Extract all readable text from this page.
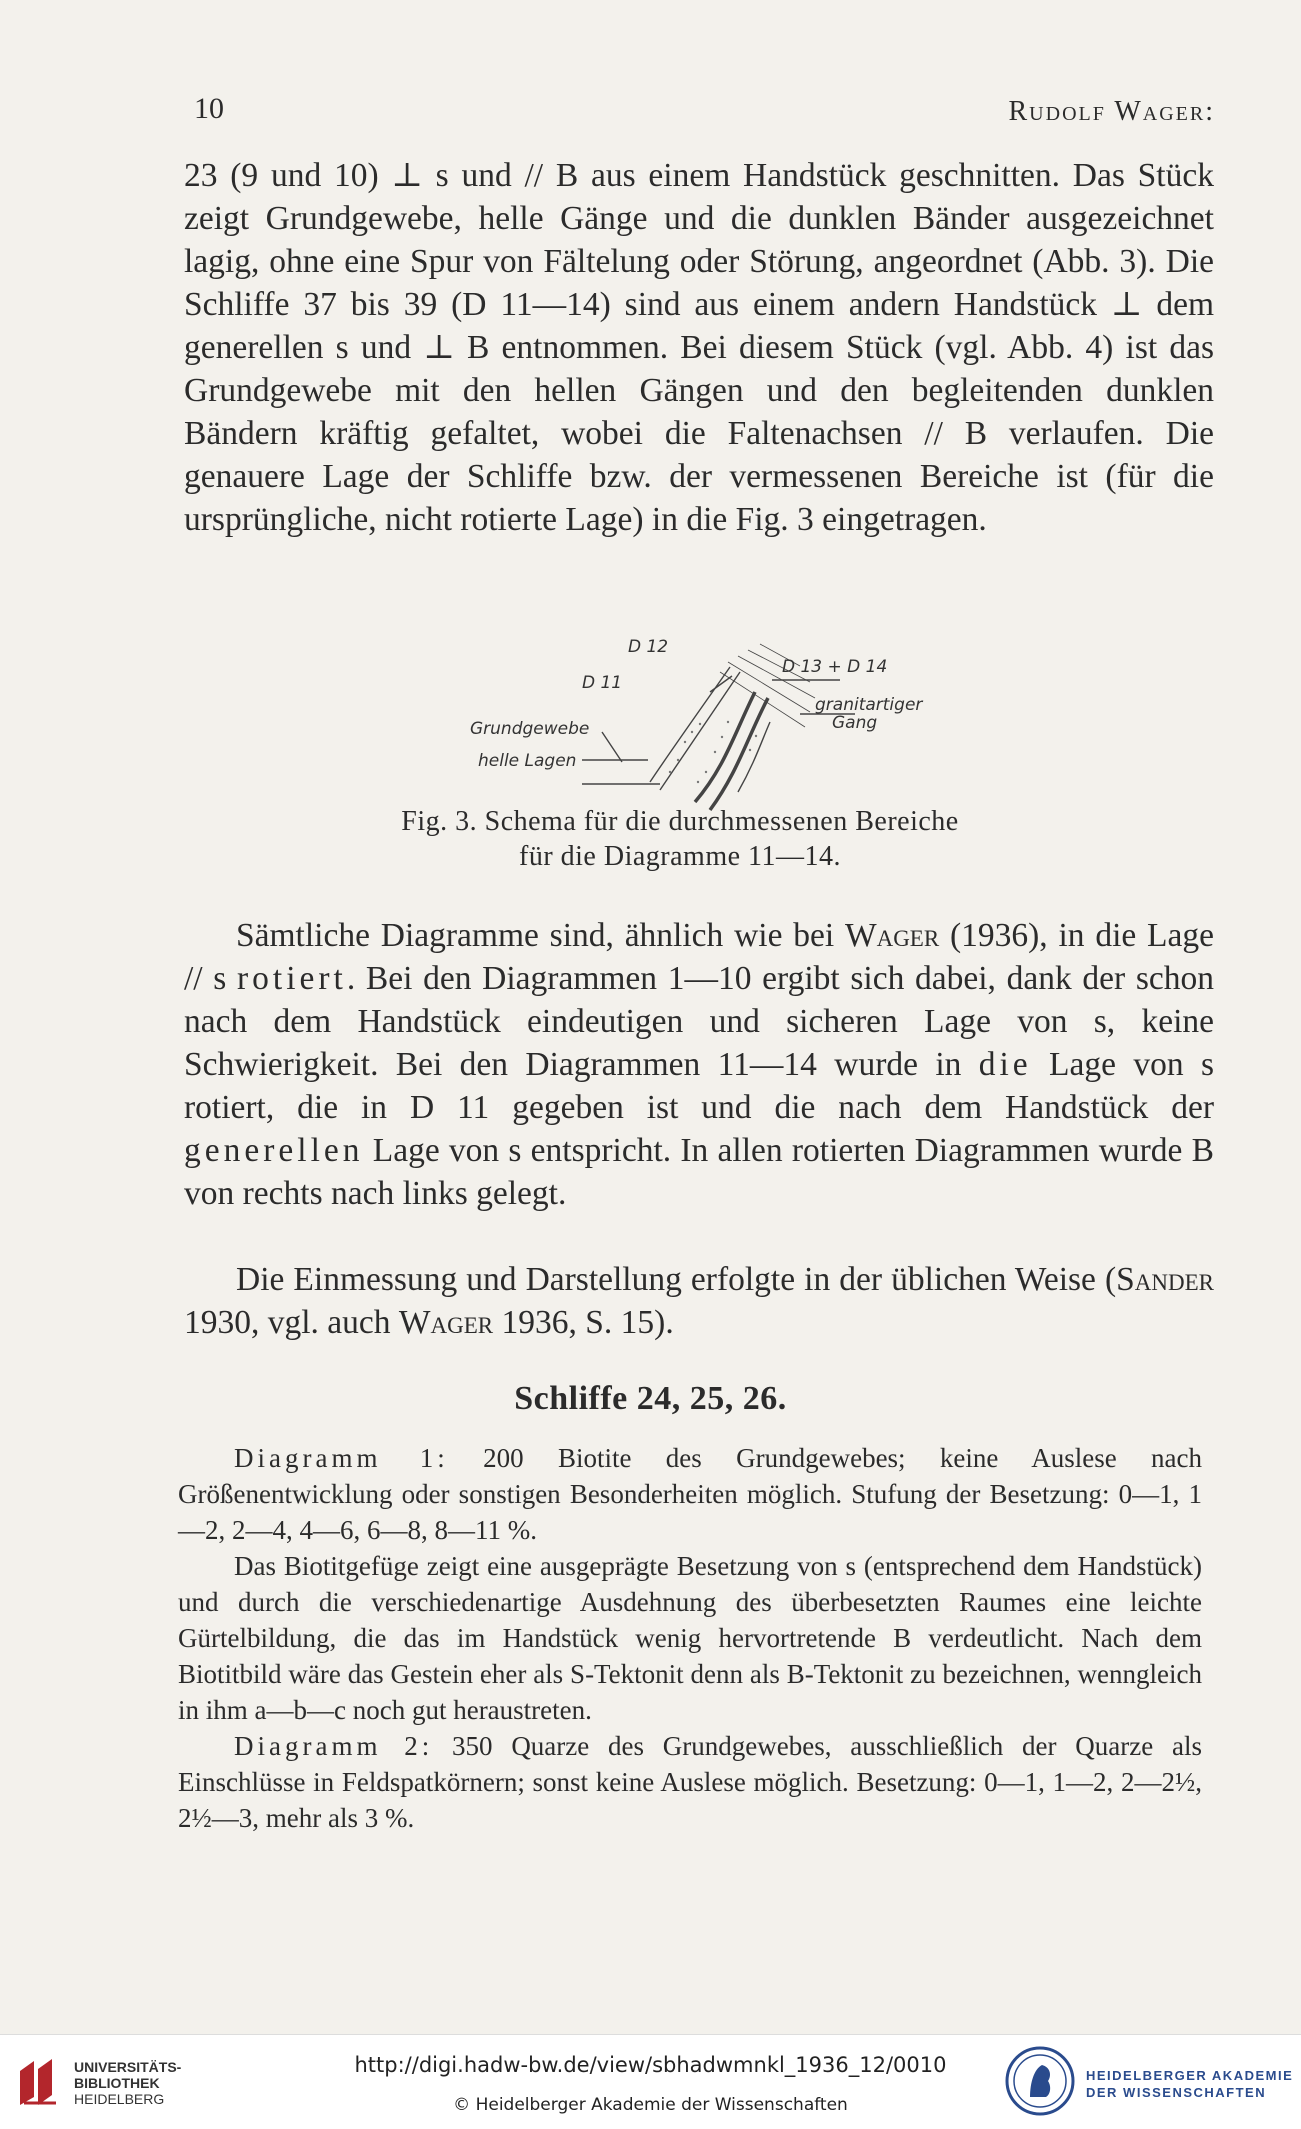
10	Rudolf Wager:

23 (9 und 10) ⊥ s und // B aus einem Handstück geschnitten. Das Stück zeigt Grundgewebe, helle Gänge und die dunklen Bänder ausgezeichnet lagig, ohne eine Spur von Fältelung oder Störung, angeordnet (Abb. 3). Die Schliffe 37 bis 39 (D 11—14) sind aus einem andern Handstück ⊥ dem generellen s und ⊥ B entnommen. Bei diesem Stück (vgl. Abb. 4) ist das Grundgewebe mit den hellen Gängen und den begleitenden dunklen Bändern kräftig gefaltet, wobei die Faltenachsen // B verlaufen. Die genauere Lage der Schliffe bzw. der vermessenen Bereiche ist (für die ursprüngliche, nicht rotierte Lage) in die Fig. 3 eingetragen.

D 12
D 11
D 13 + D 14
granitartiger
Gang
Grundgewebe
helle Lagen
Fig. 3. Schema für die durchmessenen Bereiche
für die Diagramme 11—14.

Sämtliche Diagramme sind, ähnlich wie bei Wager (1936), in die Lage // s rotiert. Bei den Diagrammen 1—10 ergibt sich dabei, dank der schon nach dem Handstück eindeutigen und sicheren Lage von s, keine Schwierigkeit. Bei den Diagrammen 11—14 wurde in die Lage von s rotiert, die in D 11 gegeben ist und die nach dem Handstück der generellen Lage von s entspricht. In allen rotierten Diagrammen wurde B von rechts nach links gelegt.

Die Einmessung und Darstellung erfolgte in der üblichen Weise (Sander 1930, vgl. auch Wager 1936, S. 15).

Schliffe 24, 25, 26.

Diagramm 1: 200 Biotite des Grundgewebes; keine Auslese nach Größenentwicklung oder sonstigen Besonderheiten möglich. Stufung der Besetzung: 0—1, 1—2, 2—4, 4—6, 6—8, 8—11 %.

Das Biotitgefüge zeigt eine ausgeprägte Besetzung von s (entsprechend dem Handstück) und durch die verschiedenartige Ausdehnung des überbesetzten Raumes eine leichte Gürtelbildung, die das im Handstück wenig hervortretende B verdeutlicht. Nach dem Biotitbild wäre das Gestein eher als S-Tektonit denn als B-Tektonit zu bezeichnen, wenngleich in ihm a—b—c noch gut heraustreten.

Diagramm 2: 350 Quarze des Grundgewebes, ausschließlich der Quarze als Einschlüsse in Feldspatkörnern; sonst keine Auslese möglich. Besetzung: 0—1, 1—2, 2—2½, 2½—3, mehr als 3 %.

UNIVERSITÄTS-
BIBLIOTHEK
HEIDELBERG
http://digi.hadw-bw.de/view/sbhadwmnkl_1936_12/0010
© Heidelberger Akademie der Wissenschaften
HEIDELBERGER AKADEMIE
DER WISSENSCHAFTEN
